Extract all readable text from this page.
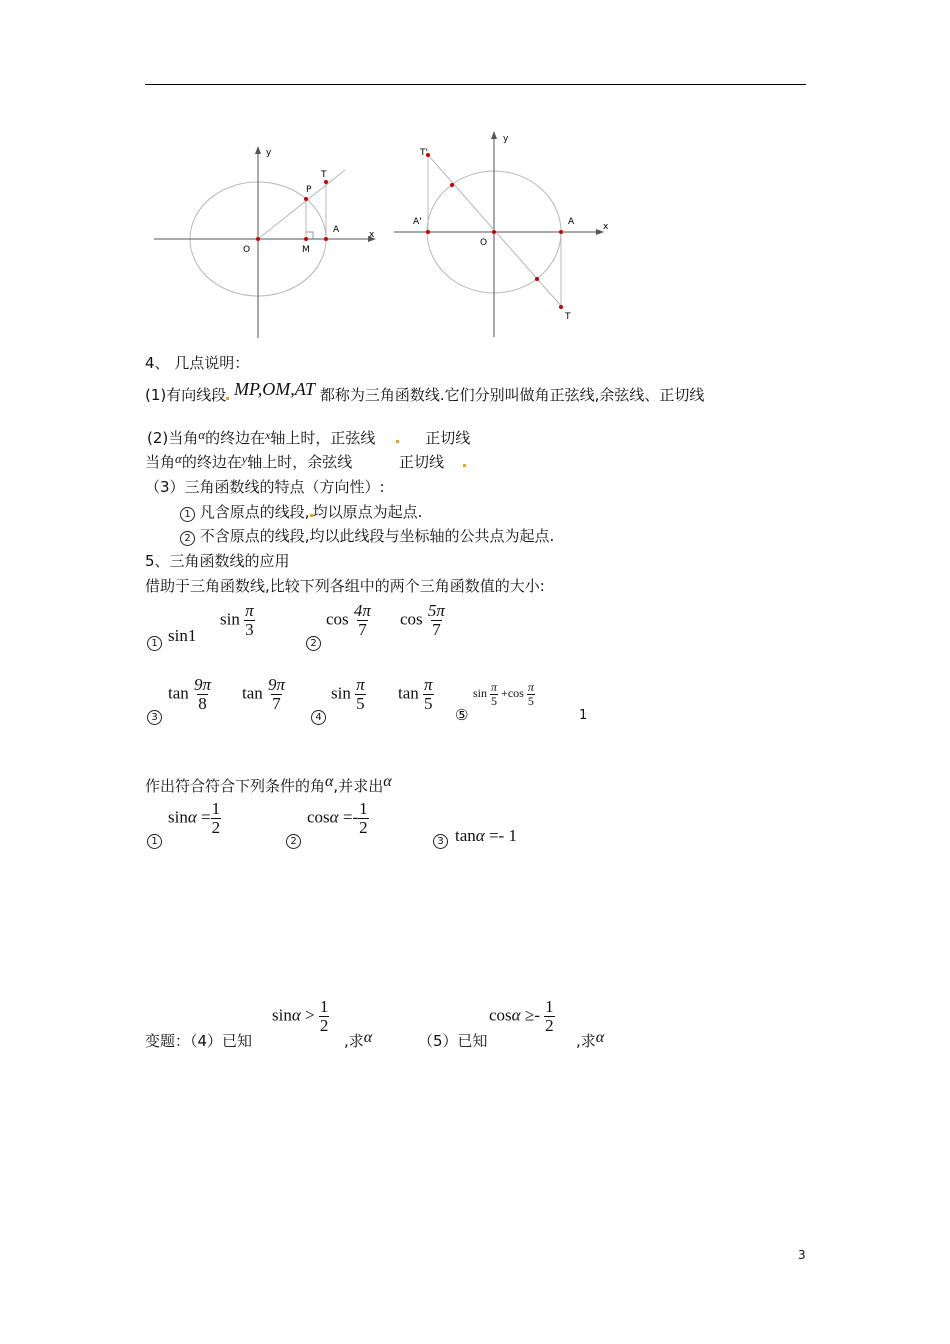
y
x
T
P
A
O	M
y
x
T'
A'	A
O
T
4、 几点说明：
(1)有向线段 MP,OM,AT 都称为三角函数线.它们分别叫做角正弦线,余弦线、正切线
(2)当角α的终边在$^x$轴上时，正弦线	正切线
当角α的终边在$^y$轴上时，余弦线	正切线
（3）三角函数线的特点（方向性）:
1 凡含原点的线段, 均以原点为起点.
2 不含原点的线段,均以此线段与坐标轴的公共点为起点.
5、三角函数线的应用
借助于三角函数线,比较下列各组中的两个三角函数值的大小:
1 sin1
$\sin \frac{\pi}{3}$
2
$\cos \frac{4\pi}{7}$ $\cos \frac{5\pi}{7}$
3
$\tan \frac{9\pi}{8}$ $\tan \frac{9\pi}{7}$
4
$\sin \frac{\pi}{5}$ $\tan \frac{\pi}{5}$
⑤
$\sin \frac{\pi}{5} +\cos \frac{\pi}{5}$
1
作出符合符合下列条件的角α,并求出α
1
$\sin\alpha = \frac{1}{2}$
2
$\cos\alpha =- \frac{1}{2}$
3 tanα =- 1
变题：（4）已知
$\sin\alpha > \frac{1}{2}$
,求α	（5）已知
$\cos\alpha \ge- \frac{1}{2}$
,求α
3
